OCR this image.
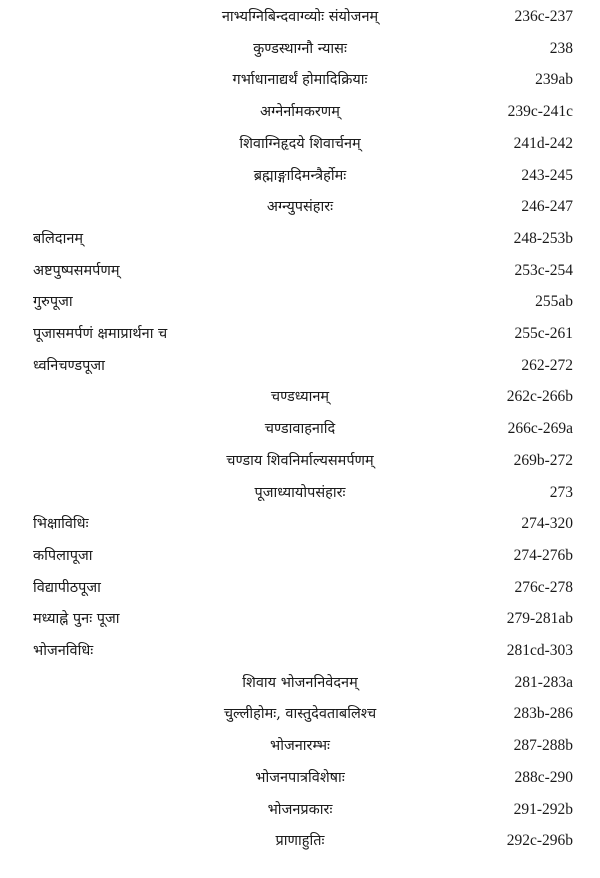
नाभ्यग्निबिन्दवाग्व्योः संयोजनम्	236c-237
कुण्डस्थाग्नौ न्यासः	238
गर्भाधानाद्यर्थं होमादिक्रियाः	239ab
अग्नेर्नामकरणम्	239c-241c
शिवाग्निहृदये शिवार्चनम्	241d-242
ब्रह्माङ्गादिमन्त्रैर्होमः	243-245
अग्न्युपसंहारः	246-247
बलिदानम्	248-253b
अष्टपुष्पसमर्पणम्	253c-254
गुरुपूजा	255ab
पूजासमर्पणं क्षमाप्रार्थना च	255c-261
ध्वनिचण्डपूजा	262-272
चण्डध्यानम्	262c-266b
चण्डावाहनादि	266c-269a
चण्डाय शिवनिर्माल्यसमर्पणम्	269b-272
पूजाध्यायोपसंहारः	273
भिक्षाविधिः	274-320
कपिलापूजा	274-276b
विद्यापीठपूजा	276c-278
मध्याह्ने पुनः पूजा	279-281ab
भोजनविधिः	281cd-303
शिवाय भोजननिवेदनम्	281-283a
चुल्लीहोमः, वास्तुदेवताबलिश्च	283b-286
भोजनारम्भः	287-288b
भोजनपात्रविशेषाः	288c-290
भोजनप्रकारः	291-292b
प्राणाहुतिः	292c-296b
